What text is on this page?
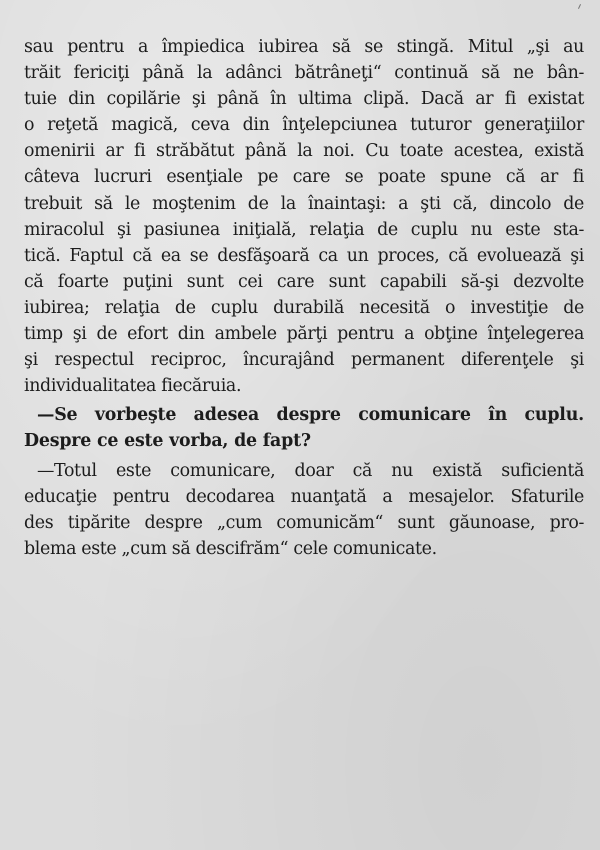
sau pentru a împiedica iubirea să se stingă. Mitul „şi au
trăit fericiţi până la adânci bătrâneţi“ continuă să ne bân-
tuie din copilărie şi până în ultima clipă. Dacă ar fi existat
o reţetă magică, ceva din înţelepciunea tuturor generaţiilor
omenirii ar fi străbătut până la noi. Cu toate acestea, există
câteva lucruri esenţiale pe care se poate spune că ar fi
trebuit să le moştenim de la înaintaşi: a şti că, dincolo de
miracolul şi pasiunea iniţială, relaţia de cuplu nu este sta-
tică. Faptul că ea se desfăşoară ca un proces, că evoluează şi
că foarte puţini sunt cei care sunt capabili să-şi dezvolte
iubirea; relaţia de cuplu durabilă necesită o investiţie de
timp şi de efort din ambele părţi pentru a obţine înţelegerea
şi respectul reciproc, încurajând permanent diferenţele şi
individualitatea fiecăruia.
—Se vorbeşte adesea despre comunicare în cuplu.
Despre ce este vorba, de fapt?
—Totul este comunicare, doar că nu există suficientă
educaţie pentru decodarea nuanţată a mesajelor. Sfaturile
des tipărite despre „cum comunicăm“ sunt găunoase, pro-
blema este „cum să descifrăm“ cele comunicate.
